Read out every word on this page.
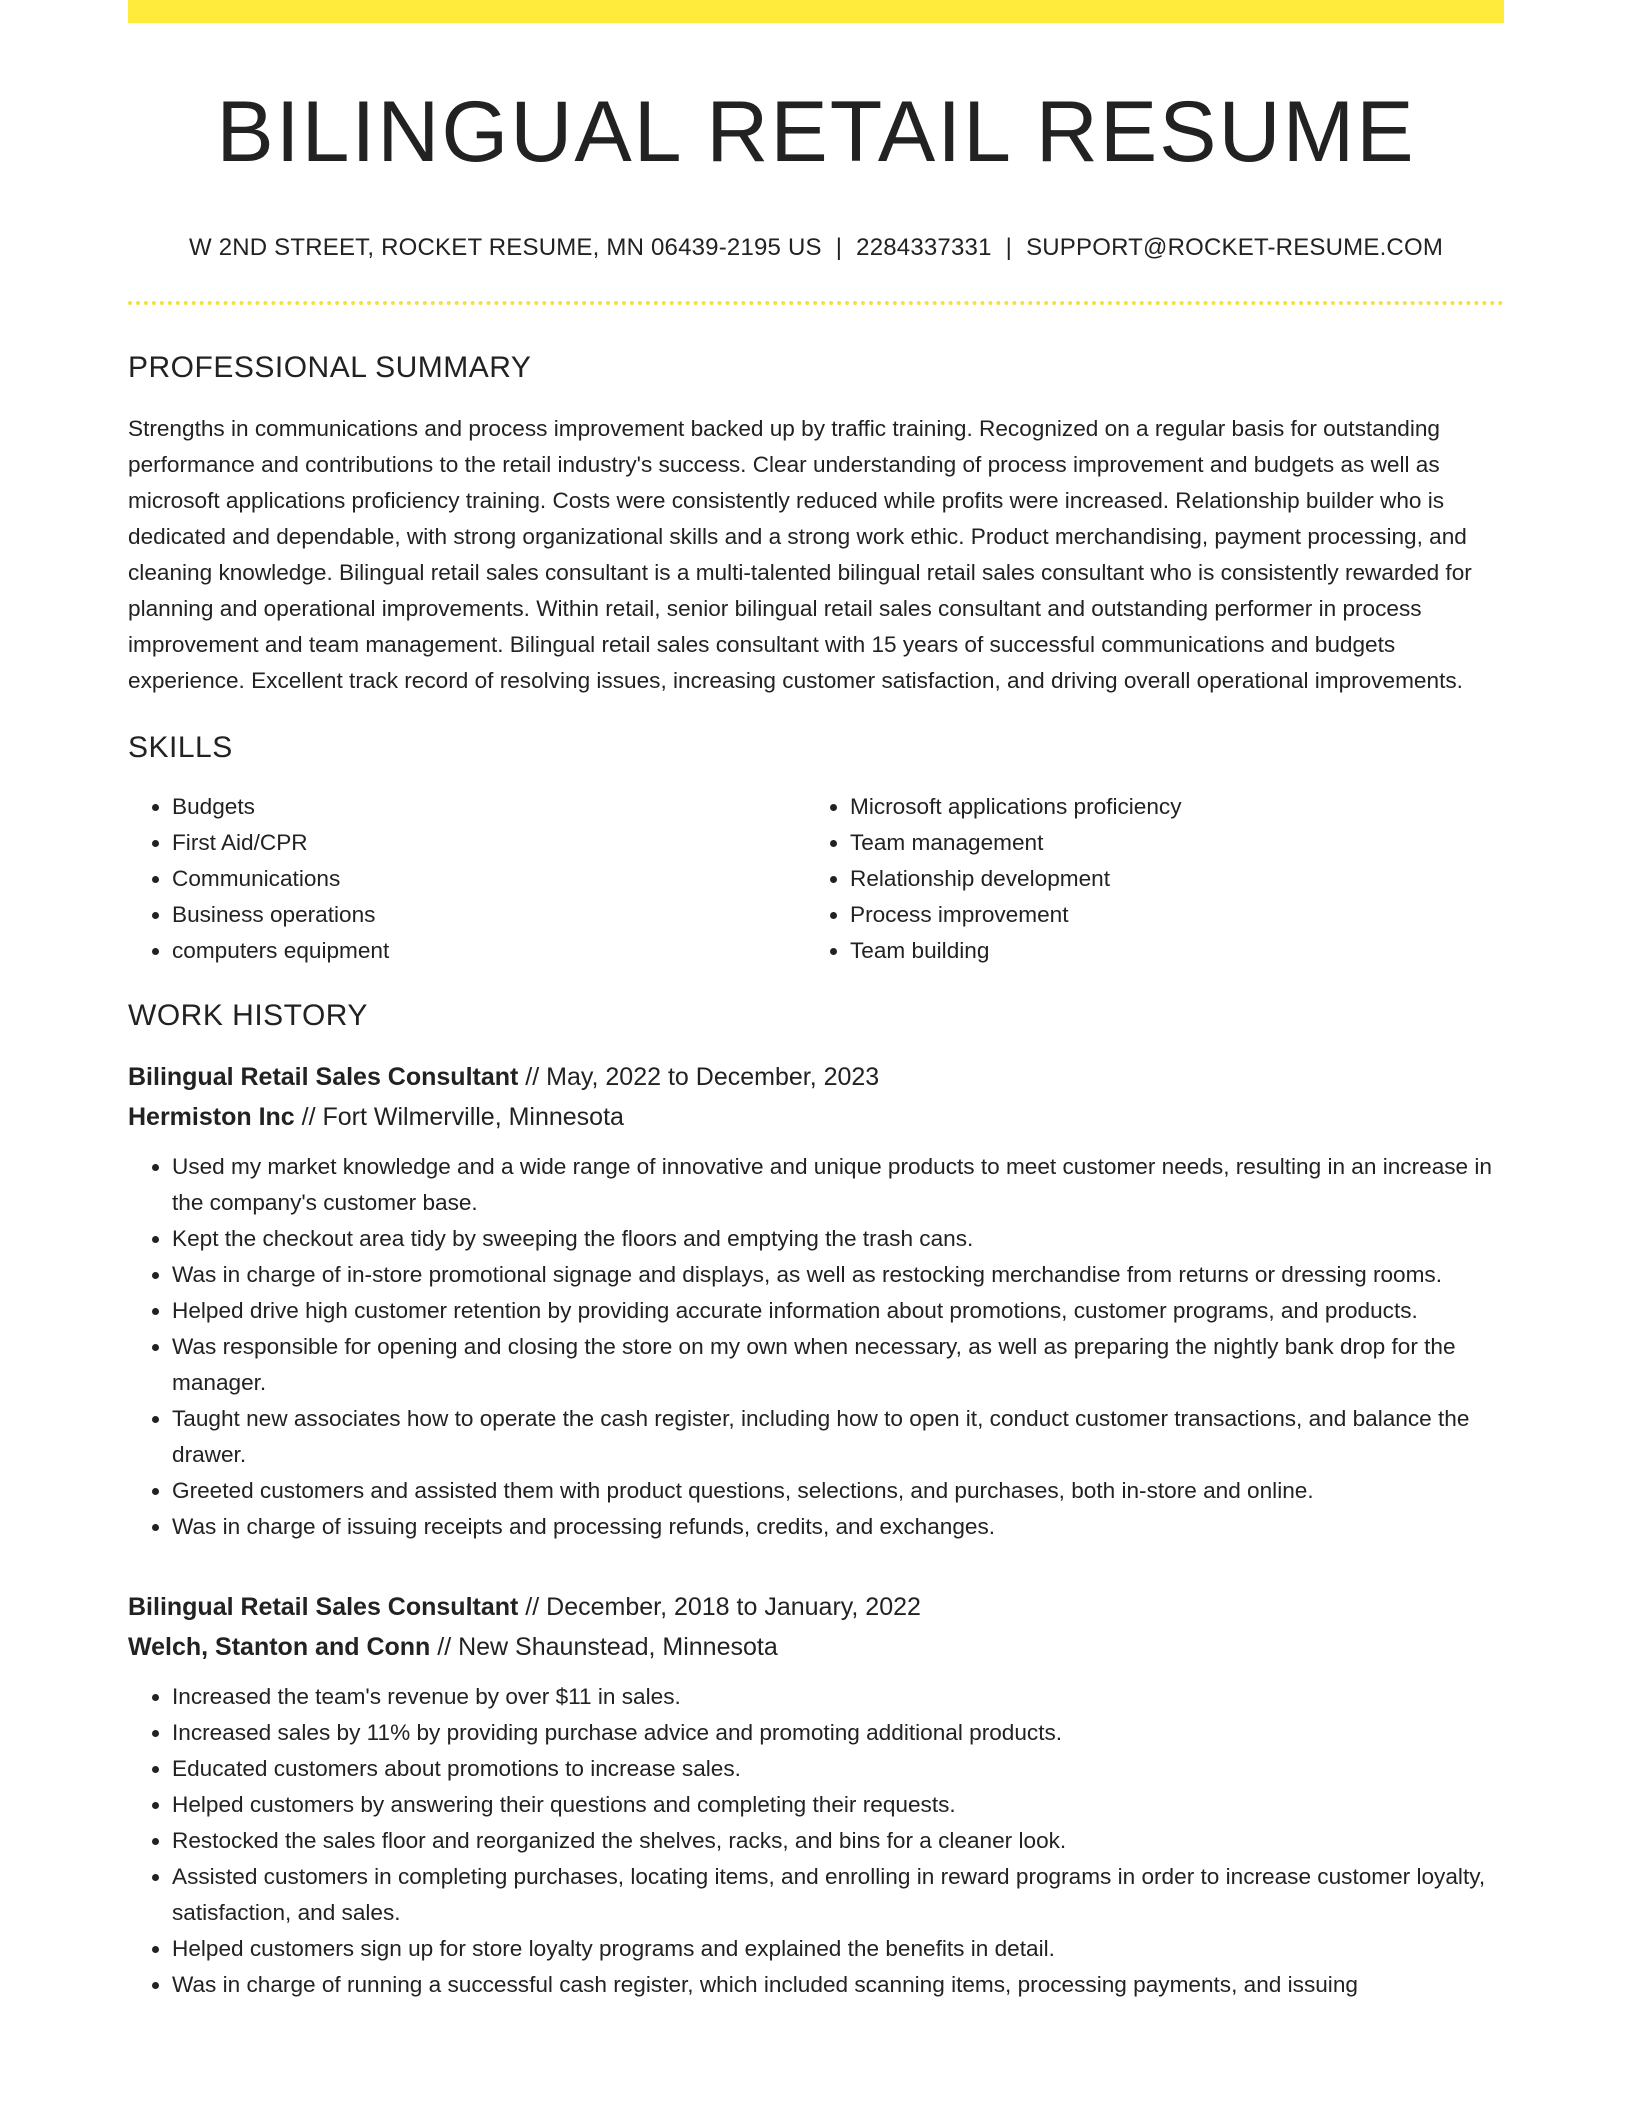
BILINGUAL RETAIL RESUME
W 2ND STREET, ROCKET RESUME, MN 06439-2195 US | 2284337331 | SUPPORT@ROCKET-RESUME.COM
PROFESSIONAL SUMMARY

Strengths in communications and process improvement backed up by traffic training. Recognized on a regular basis for outstanding performance and contributions to the retail industry's success. Clear understanding of process improvement and budgets as well as microsoft applications proficiency training. Costs were consistently reduced while profits were increased. Relationship builder who is dedicated and dependable, with strong organizational skills and a strong work ethic. Product merchandising, payment processing, and cleaning knowledge. Bilingual retail sales consultant is a multi-talented bilingual retail sales consultant who is consistently rewarded for planning and operational improvements. Within retail, senior bilingual retail sales consultant and outstanding performer in process improvement and team management. Bilingual retail sales consultant with 15 years of successful communications and budgets experience. Excellent track record of resolving issues, increasing customer satisfaction, and driving overall operational improvements.

SKILLS
• Budgets
• First Aid/CPR
• Communications
• Business operations
• computers equipment
• Microsoft applications proficiency
• Team management
• Relationship development
• Process improvement
• Team building
WORK HISTORY
Bilingual Retail Sales Consultant // May, 2022 to December, 2023
Hermiston Inc // Fort Wilmerville, Minnesota
• Used my market knowledge and a wide range of innovative and unique products to meet customer needs, resulting in an increase in the company's customer base.
• Kept the checkout area tidy by sweeping the floors and emptying the trash cans.
• Was in charge of in-store promotional signage and displays, as well as restocking merchandise from returns or dressing rooms.
• Helped drive high customer retention by providing accurate information about promotions, customer programs, and products.
• Was responsible for opening and closing the store on my own when necessary, as well as preparing the nightly bank drop for the manager.
• Taught new associates how to operate the cash register, including how to open it, conduct customer transactions, and balance the drawer.
• Greeted customers and assisted them with product questions, selections, and purchases, both in-store and online.
• Was in charge of issuing receipts and processing refunds, credits, and exchanges.
Bilingual Retail Sales Consultant // December, 2018 to January, 2022
Welch, Stanton and Conn // New Shaunstead, Minnesota
• Increased the team's revenue by over $11 in sales.
• Increased sales by 11% by providing purchase advice and promoting additional products.
• Educated customers about promotions to increase sales.
• Helped customers by answering their questions and completing their requests.
• Restocked the sales floor and reorganized the shelves, racks, and bins for a cleaner look.
• Assisted customers in completing purchases, locating items, and enrolling in reward programs in order to increase customer loyalty, satisfaction, and sales.
• Helped customers sign up for store loyalty programs and explained the benefits in detail.
• Was in charge of running a successful cash register, which included scanning items, processing payments, and issuing
